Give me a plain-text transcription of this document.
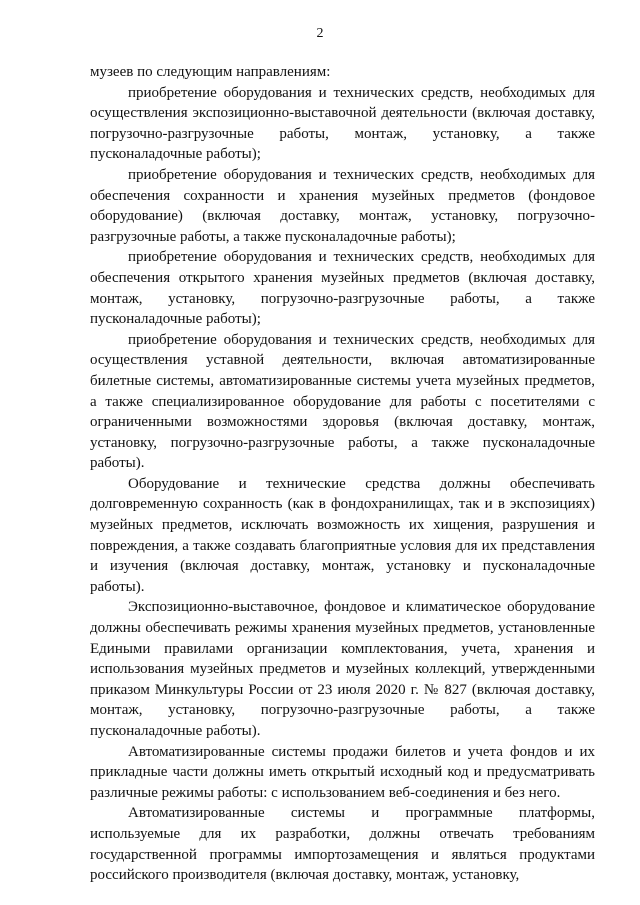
2

музеев по следующим направлениям:

приобретение оборудования и технических средств, необходимых для осуществления экспозиционно-выставочной деятельности (включая доставку, погрузочно-разгрузочные работы, монтаж, установку, а также пусконаладочные работы);

приобретение оборудования и технических средств, необходимых для обеспечения сохранности и хранения музейных предметов (фондовое оборудование) (включая доставку, монтаж, установку, погрузочно-разгрузочные работы, а также пусконаладочные работы);

приобретение оборудования и технических средств, необходимых для обеспечения открытого хранения музейных предметов (включая доставку, монтаж, установку, погрузочно-разгрузочные работы, а также пусконаладочные работы);

приобретение оборудования и технических средств, необходимых для осуществления уставной деятельности, включая автоматизированные билетные системы, автоматизированные системы учета музейных предметов, а также специализированное оборудование для работы с посетителями с ограниченными возможностями здоровья (включая доставку, монтаж, установку, погрузочно-разгрузочные работы, а также пусконаладочные работы).

Оборудование и технические средства должны обеспечивать долговременную сохранность (как в фондохранилищах, так и в экспозициях) музейных предметов, исключать возможность их хищения, разрушения и повреждения, а также создавать благоприятные условия для их представления и изучения (включая доставку, монтаж, установку и пусконаладочные работы).

Экспозиционно-выставочное, фондовое и климатическое оборудование должны обеспечивать режимы хранения музейных предметов, установленные Едиными правилами организации комплектования, учета, хранения и использования музейных предметов и музейных коллекций, утвержденными приказом Минкультуры России от 23 июля 2020 г. № 827 (включая доставку, монтаж, установку, погрузочно-разгрузочные работы, а также пусконаладочные работы).

Автоматизированные системы продажи билетов и учета фондов и их прикладные части должны иметь открытый исходный код и предусматривать различные режимы работы: с использованием веб-соединения и без него.

Автоматизированные системы и программные платформы, используемые для их разработки, должны отвечать требованиям государственной программы импортозамещения и являться продуктами российского производителя (включая доставку, монтаж, установку,
